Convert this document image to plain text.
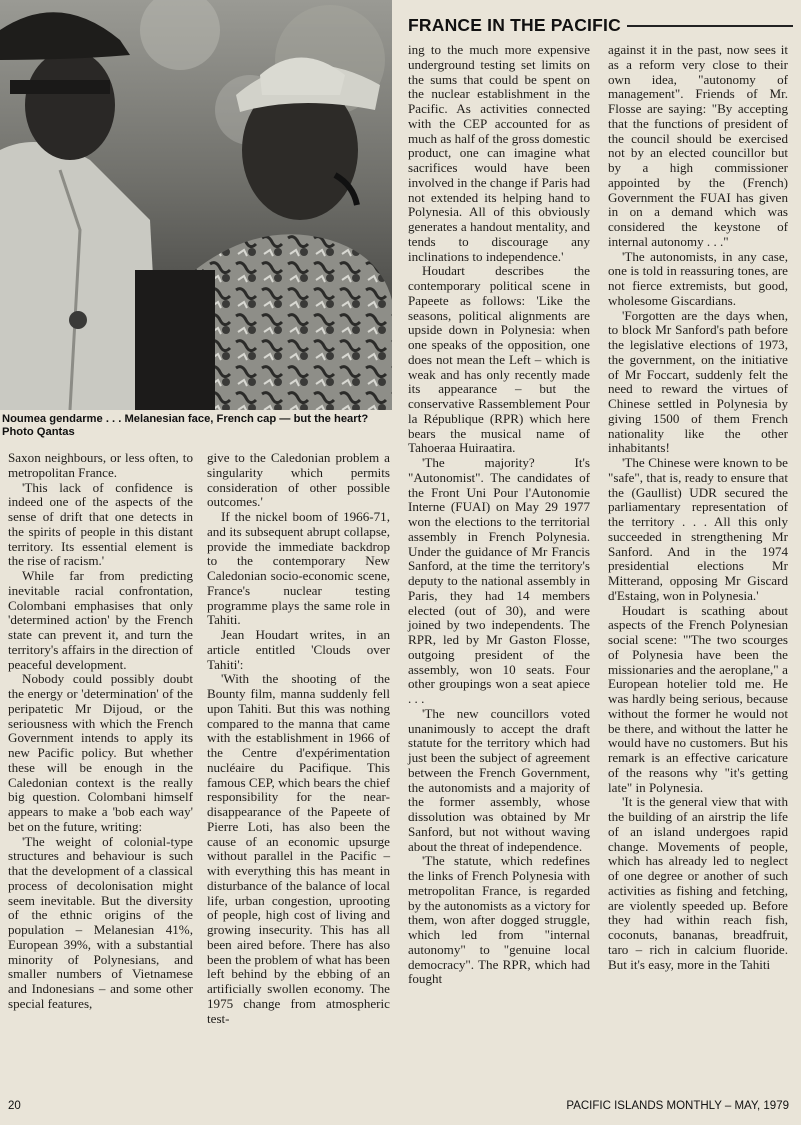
Noumea gendarme . . . Melanesian face, French cap — but the heart? Photo Qantas
FRANCE IN THE PACIFIC

Saxon neighbours, or less often, to metropolitan France.

'This lack of confidence is indeed one of the aspects of the sense of drift that one detects in the spirits of people in this distant territory. Its essential element is the rise of racism.'

While far from predicting inevitable racial confrontation, Colombani emphasises that only 'determined action' by the French state can prevent it, and turn the territory's affairs in the direction of peaceful development.

Nobody could possibly doubt the energy or 'determination' of the peripatetic Mr Dijoud, or the seriousness with which the French Government intends to apply its new Pacific policy. But whether these will be enough in the Caledonian context is the really big question. Colombani himself appears to make a 'bob each way' bet on the future, writing:

'The weight of colonial-type structures and behaviour is such that the development of a classical process of decolonisation might seem inevitable. But the diversity of the ethnic origins of the population – Melanesian 41%, European 39%, with a substantial minority of Polynesians, and smaller numbers of Vietnamese and Indonesians – and some other special features,

give to the Caledonian problem a singularity which permits consideration of other possible outcomes.'

If the nickel boom of 1966-71, and its subsequent abrupt collapse, provide the immediate backdrop to the contemporary New Caledonian socio-economic scene, France's nuclear testing programme plays the same role in Tahiti.

Jean Houdart writes, in an article entitled 'Clouds over Tahiti':

'With the shooting of the Bounty film, manna suddenly fell upon Tahiti. But this was nothing compared to the manna that came with the establishment in 1966 of the Centre d'expérimentation nucléaire du Pacifique. This famous CEP, which bears the chief responsibility for the near-disappearance of the Papeete of Pierre Loti, has also been the cause of an economic upsurge without parallel in the Pacific – with everything this has meant in disturbance of the balance of local life, urban congestion, uprooting of people, high cost of living and growing insecurity. This has all been aired before. There has also been the problem of what has been left behind by the ebbing of an artificially swollen economy. The 1975 change from atmospheric test-

ing to the much more expensive underground testing set limits on the sums that could be spent on the nuclear establishment in the Pacific. As activities connected with the CEP accounted for as much as half of the gross domestic product, one can imagine what sacrifices would have been involved in the change if Paris had not extended its helping hand to Polynesia. All of this obviously generates a handout mentality, and tends to discourage any inclinations to independence.'

Houdart describes the contemporary political scene in Papeete as follows: 'Like the seasons, political alignments are upside down in Polynesia: when one speaks of the opposition, one does not mean the Left – which is weak and has only recently made its appearance – but the conservative Rassemblement Pour la République (RPR) which here bears the musical name of Tahoeraa Huiraatira.

'The majority? It's "Autonomist". The candidates of the Front Uni Pour l'Autonomie Interne (FUAI) on May 29 1977 won the elections to the territorial assembly in French Polynesia. Under the guidance of Mr Francis Sanford, at the time the territory's deputy to the national assembly in Paris, they had 14 members elected (out of 30), and were joined by two independents. The RPR, led by Mr Gaston Flosse, outgoing president of the assembly, won 10 seats. Four other groupings won a seat apiece . . .

'The new councillors voted unanimously to accept the draft statute for the territory which had just been the subject of agreement between the French Government, the autonomists and a majority of the former assembly, whose dissolution was obtained by Mr Sanford, but not without waving about the threat of independence.

'The statute, which redefines the links of French Polynesia with metropolitan France, is regarded by the autonomists as a victory for them, won after dogged struggle, which led from "internal autonomy" to "genuine local democracy". The RPR, which had fought

against it in the past, now sees it as a reform very close to their own idea, "autonomy of management". Friends of Mr. Flosse are saying: "By accepting that the functions of president of the council should be exercised not by an elected councillor but by a high commissioner appointed by the (French) Government the FUAI has given in on a demand which was considered the keystone of internal autonomy . . ."

'The autonomists, in any case, one is told in reassuring tones, are not fierce extremists, but good, wholesome Giscardians.

'Forgotten are the days when, to block Mr Sanford's path before the legislative elections of 1973, the government, on the initiative of Mr Foccart, suddenly felt the need to reward the virtues of Chinese settled in Polynesia by giving 1500 of them French nationality like the other inhabitants!

'The Chinese were known to be "safe", that is, ready to ensure that the (Gaullist) UDR secured the parliamentary representation of the territory . . . All this only succeeded in strengthening Mr Sanford. And in the 1974 presidential elections Mr Mitterand, opposing Mr Giscard d'Estaing, won in Polynesia.'

Houdart is scathing about aspects of the French Polynesian social scene: "'The two scourges of Polynesia have been the missionaries and the aeroplane," a European hotelier told me. He was hardly being serious, because without the former he would not be there, and without the latter he would have no customers. But his remark is an effective caricature of the reasons why "it's getting late" in Polynesia.

'It is the general view that with the building of an airstrip the life of an island undergoes rapid change. Movements of people, which has already led to neglect of one degree or another of such activities as fishing and fetching, are violently speeded up. Before they had within reach fish, coconuts, bananas, breadfruit, taro – rich in calcium fluoride. But it's easy, more in the Tahiti

20	PACIFIC ISLANDS MONTHLY – MAY, 1979
